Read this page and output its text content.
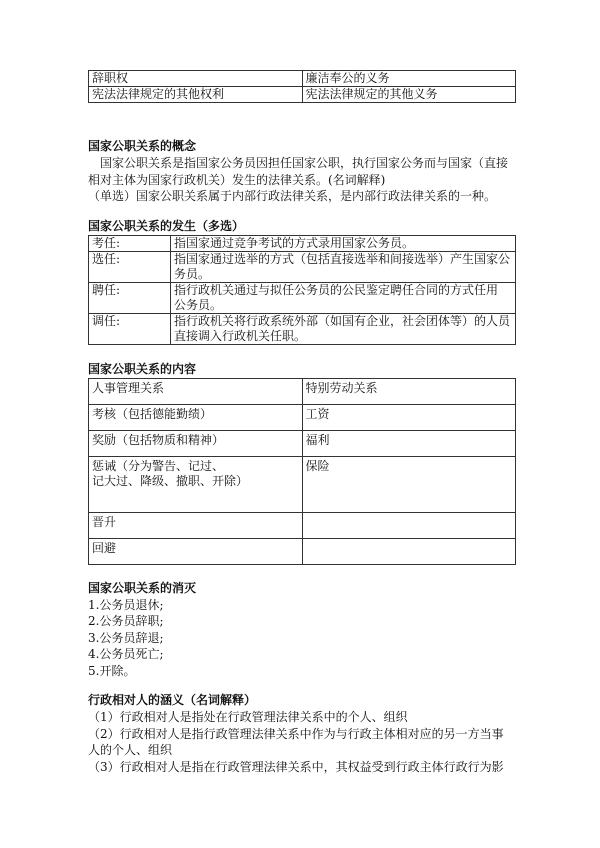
辞职权	廉洁奉公的义务
宪法法律规定的其他权利	宪法法律规定的其他义务
国家公职关系的概念

国家公职关系是指国家公务员因担任国家公职，执行国家公务而与国家（直接

相对主体为国家行政机关）发生的法律关系。(名词解释)

（单选）国家公职关系属于内部行政法律关系，是内部行政法律关系的一种。

国家公职关系的发生（多选）
考任:	指国家通过竞争考试的方式录用国家公务员。

选任:	指国家通过选举的方式（包括直接选举和间接选举）产生国家公
务员。

聘任:	指行政机关通过与拟任公务员的公民鉴定聘任合同的方式任用
公务员。

调任:	指行政机关将行政系统外部（如国有企业，社会团体等）的人员
直接调入行政机关任职。
国家公职关系的内容
人事管理关系	特别劳动关系
考核（包括德能勤绩）	工资
奖励（包括物质和精神）	福利

惩诫（分为警告、记过、
记大过、降级、撤职、开除）	保险
晋升	
回避	
国家公职关系的消灭

1.公务员退休;

2.公务员辞职;

3.公务员辞退;

4.公务员死亡;

5.开除。

行政相对人的涵义（名词解释）

（1）行政相对人是指处在行政管理法律关系中的个人、组织

（2）行政相对人是指行政管理法律关系中作为与行政主体相对应的另一方当事

人的个人、组织

（3）行政相对人是指在行政管理法律关系中，其权益受到行政主体行政行为影
